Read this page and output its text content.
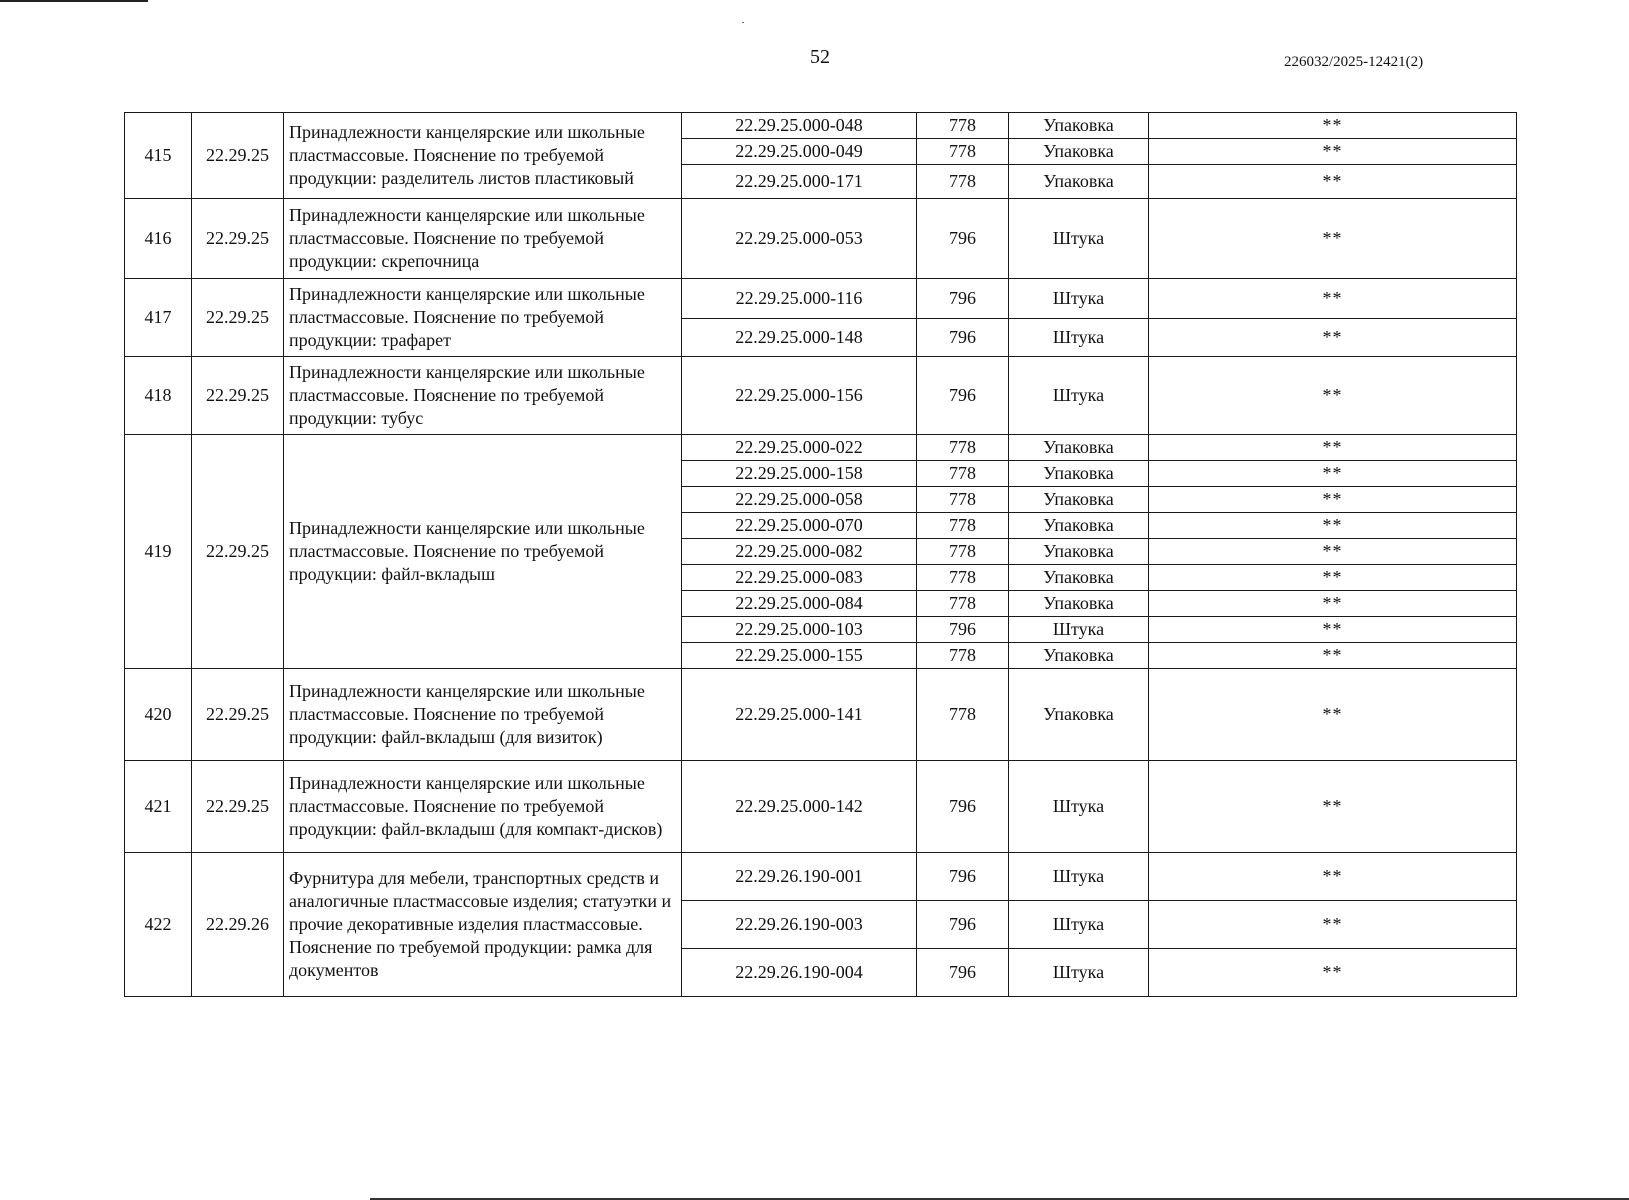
52	226032/2025-12421(2)
415	22.29.25	Принадлежности канцелярские или школьные пластмассовые. Пояснение по требуемой продукции: разделитель листов пластиковый	22.29.25.000-048	778	Упаковка	**
			22.29.25.000-049	778	Упаковка	**
			22.29.25.000-171	778	Упаковка	**
416	22.29.25	Принадлежности канцелярские или школьные пластмассовые. Пояснение по требуемой продукции: скрепочница	22.29.25.000-053	796	Штука	**
417	22.29.25	Принадлежности канцелярские или школьные пластмассовые. Пояснение по требуемой продукции: трафарет	22.29.25.000-116	796	Штука	**
			22.29.25.000-148	796	Штука	**
418	22.29.25	Принадлежности канцелярские или школьные пластмассовые. Пояснение по требуемой продукции: тубус	22.29.25.000-156	796	Штука	**
419	22.29.25	Принадлежности канцелярские или школьные пластмассовые. Пояснение по требуемой продукции: файл-вкладыш	22.29.25.000-022	778	Упаковка	**
			22.29.25.000-158	778	Упаковка	**
			22.29.25.000-058	778	Упаковка	**
			22.29.25.000-070	778	Упаковка	**
			22.29.25.000-082	778	Упаковка	**
			22.29.25.000-083	778	Упаковка	**
			22.29.25.000-084	778	Упаковка	**
			22.29.25.000-103	796	Штука	**
			22.29.25.000-155	778	Упаковка	**
420	22.29.25	Принадлежности канцелярские или школьные пластмассовые. Пояснение по требуемой продукции: файл-вкладыш (для визиток)	22.29.25.000-141	778	Упаковка	**
421	22.29.25	Принадлежности канцелярские или школьные пластмассовые. Пояснение по требуемой продукции: файл-вкладыш (для компакт-дисков)	22.29.25.000-142	796	Штука	**
422	22.29.26	Фурнитура для мебели, транспортных средств и аналогичные пластмассовые изделия; статуэтки и прочие декоративные изделия пластмассовые. Пояснение по требуемой продукции: рамка для документов	22.29.26.190-001	796	Штука	**
			22.29.26.190-003	796	Штука	**
			22.29.26.190-004	796	Штука	**
